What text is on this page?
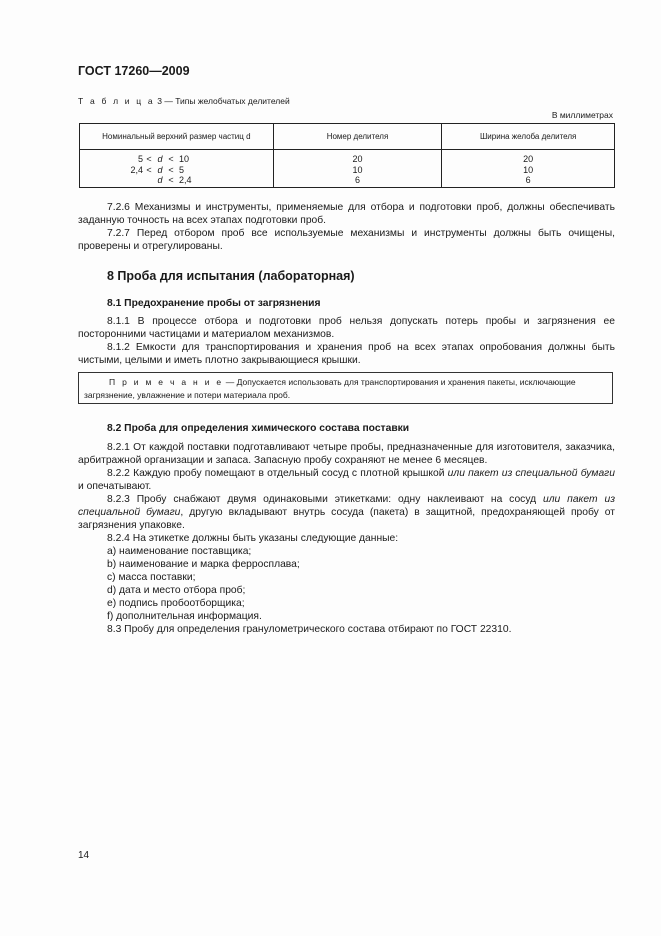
ГОСТ 17260—2009
Т а б л и ц а 3 — Типы желобчатых делителей
В миллиметрах
Номинальный верхний размер частиц d	Номер делителя	Ширина желоба делителя
5 < d < 10	20	20
2,4 < d < 5	10	10
d < 2,4	6	6

7.2.6 Механизмы и инструменты, применяемые для отбора и подготовки проб, должны обеспечивать заданную точность на всех этапах подготовки проб.

7.2.7 Перед отбором проб все используемые механизмы и инструменты должны быть очищены, проверены и отрегулированы.

8 Проба для испытания (лабораторная)
8.1 Предохранение пробы от загрязнения

8.1.1 В процессе отбора и подготовки проб нельзя допускать потерь пробы и загрязнения ее посторонними частицами и материалом механизмов.

8.1.2 Емкости для транспортирования и хранения проб на всех этапах опробования должны быть чистыми, целыми и иметь плотно закрывающиеся крышки.

П р и м е ч а н и е — Допускается использовать для транспортирования и хранения пакеты, исключающие загрязнение, увлажнение и потери материала проб.

8.2 Проба для определения химического состава поставки

8.2.1 От каждой поставки подготавливают четыре пробы, предназначенные для изготовителя, заказчика, арбитражной организации и запаса. Запасную пробу сохраняют не менее 6 месяцев.

8.2.2 Каждую пробу помещают в отдельный сосуд с плотной крышкой или пакет из специальной бумаги и опечатывают.

8.2.3 Пробу снабжают двумя одинаковыми этикетками: одну наклеивают на сосуд или пакет из специальной бумаги, другую вкладывают внутрь сосуда (пакета) в защитной, предохраняющей пробу от загрязнения упаковке.

8.2.4 На этикетке должны быть указаны следующие данные:

a) наименование поставщика;

b) наименование и марка ферросплава;

c) масса поставки;

d) дата и место отбора проб;

e) подпись пробоотборщика;

f) дополнительная информация.

8.3 Пробу для определения гранулометрического состава отбирают по ГОСТ 22310.

14
